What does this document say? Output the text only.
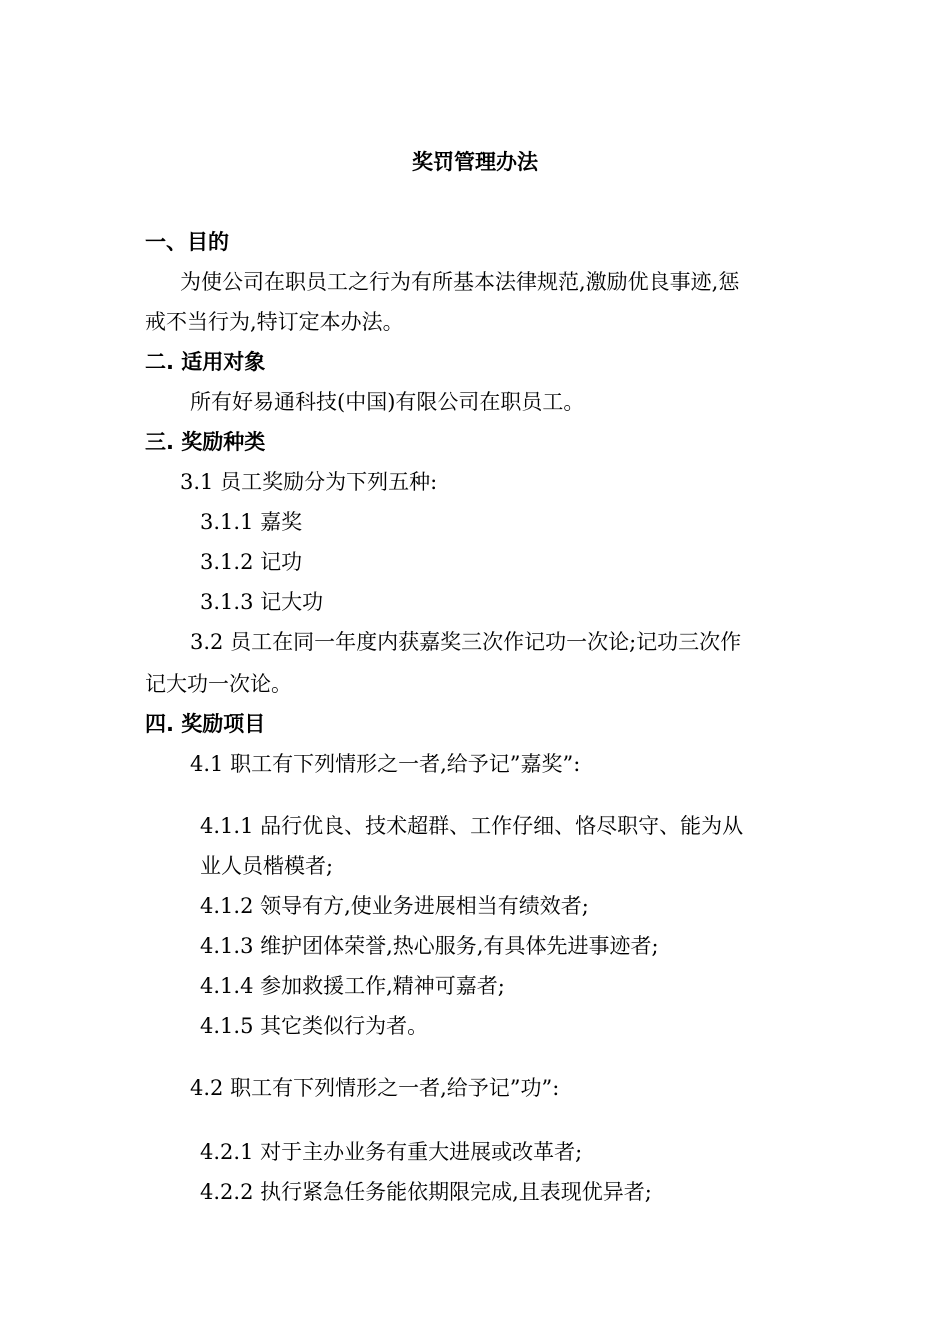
奖罚管理办法
一、目的
为使公司在职员工之行为有所基本法律规范,激励优良事迹,惩
戒不当行为,特订定本办法。
二. 适用对象
所有好易通科技(中国)有限公司在职员工。
三. 奖励种类
3.1 员工奖励分为下列五种:
3.1.1 嘉奖
3.1.2 记功
3.1.3 记大功
3.2 员工在同一年度内获嘉奖三次作记功一次论;记功三次作
记大功一次论。
四. 奖励项目
4.1 职工有下列情形之一者,给予记”嘉奖”:
4.1.1 品行优良、技术超群、工作仔细、恪尽职守、能为从
业人员楷模者;
4.1.2 领导有方,使业务进展相当有绩效者;
4.1.3 维护团体荣誉,热心服务,有具体先进事迹者;
4.1.4 参加救援工作,精神可嘉者;
4.1.5 其它类似行为者。
4.2 职工有下列情形之一者,给予记”功”:
4.2.1 对于主办业务有重大进展或改革者;
4.2.2 执行紧急任务能依期限完成,且表现优异者;
